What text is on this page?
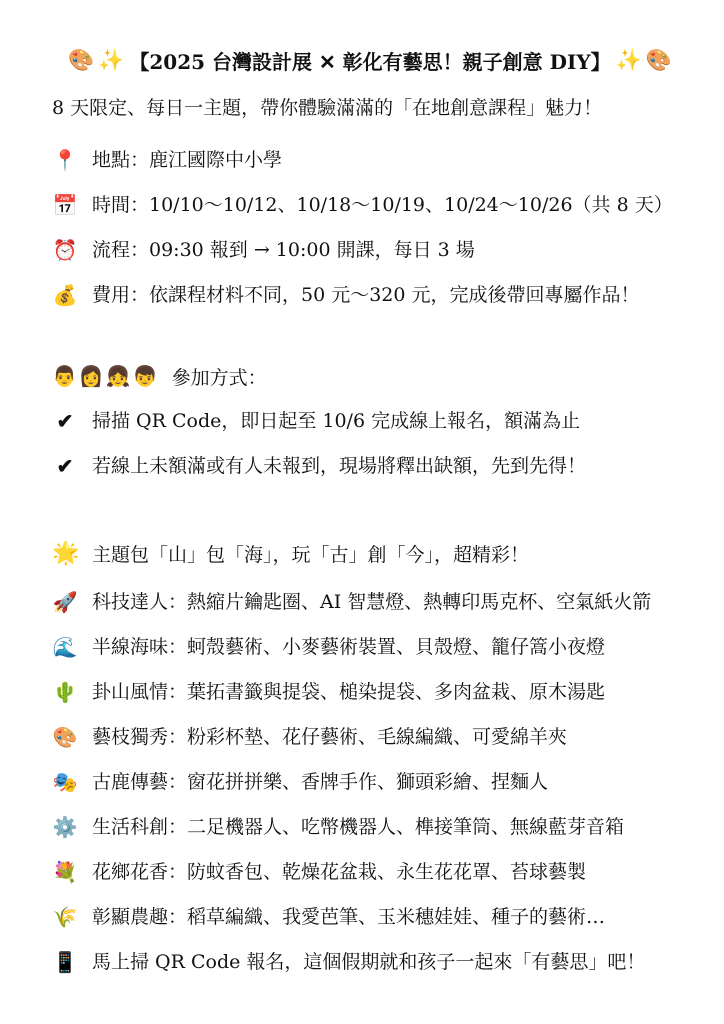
🎨 ✨ 【2025 台灣設計展 ✕ 彰化有藝思！親子創意 DIY】 ✨ 🎨
8 天限定、每日一主題，帶你體驗滿滿的「在地創意課程」魅力！
📍 地點：鹿江國際中小學
📅 時間：10/10～10/12、10/18～10/19、10/24～10/26（共 8 天）
⏰ 流程：09:30 報到 → 10:00 開課，每日 3 場
💰 費用：依課程材料不同，50 元～320 元，完成後帶回專屬作品！
👨 👩 👧 👦 參加方式：
✔ 掃描 QR Code，即日起至 10/6 完成線上報名，額滿為止
✔ 若線上未額滿或有人未報到，現場將釋出缺額，先到先得！
🌟 主題包「山」包「海」，玩「古」創「今」，超精彩！
🚀 科技達人：熱縮片鑰匙圈、AI 智慧燈、熱轉印馬克杯、空氣紙火箭
🌊 半線海味：蚵殼藝術、小麥藝術裝置、貝殼燈、籠仔篙小夜燈
🌵 卦山風情：葉拓書籤與提袋、槌染提袋、多肉盆栽、原木湯匙
🎨 藝枝獨秀：粉彩杯墊、花仔藝術、毛線編織、可愛綿羊夾
🎭 古鹿傳藝：窗花拼拼樂、香牌手作、獅頭彩繪、捏麵人
⚙️ 生活科創：二足機器人、吃幣機器人、榫接筆筒、無線藍芽音箱
💐 花鄉花香：防蚊香包、乾燥花盆栽、永生花花罩、苔球藝製
🌾 彰顯農趣：稻草編織、我愛芭筆、玉米穗娃娃、種子的藝術…
📱 馬上掃 QR Code 報名，這個假期就和孩子一起來「有藝思」吧！
